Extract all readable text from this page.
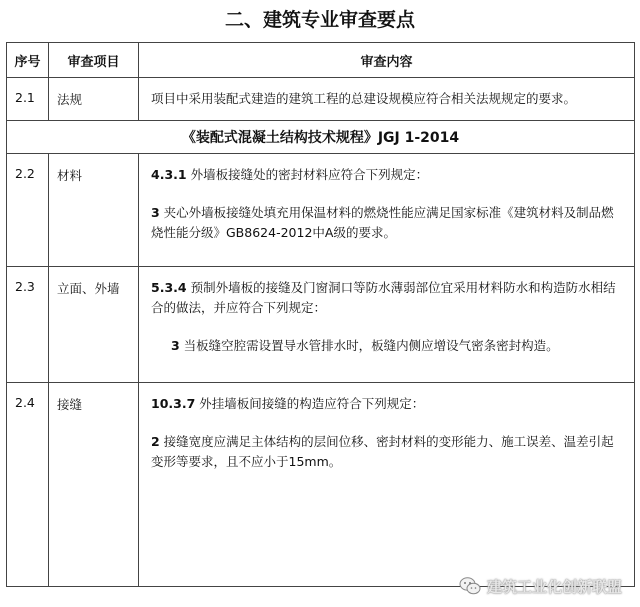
二、建筑专业审查要点
序号	审查项目	审查内容
2.1	法规	项目中采用装配式建造的建筑工程的总建设规模应符合相关法规规定的要求。

《装配式混凝土结构技术规程》JGJ 1-2014		
2.2	材料	4.3.1 外墙板接缝处的密封材料应符合下列规定：
3 夹心外墙板接缝处填充用保温材料的燃烧性能应满足国家标准《建筑材料及制品燃烧性能分级》GB8624-2012中A级的要求。

2.3	立面、外墙	5.3.4 预制外墙板的接缝及门窗洞口等防水薄弱部位宜采用材料防水和构造防水相结合的做法，并应符合下列规定：
3 当板缝空腔需设置导水管排水时，板缝内侧应增设气密条密封构造。

2.4	接缝	10.3.7 外挂墙板间接缝的构造应符合下列规定：
2 接缝宽度应满足主体结构的层间位移、密封材料的变形能力、施工误差、温差引起变形等要求，且不应小于15mm。
建筑工业化创新联盟
